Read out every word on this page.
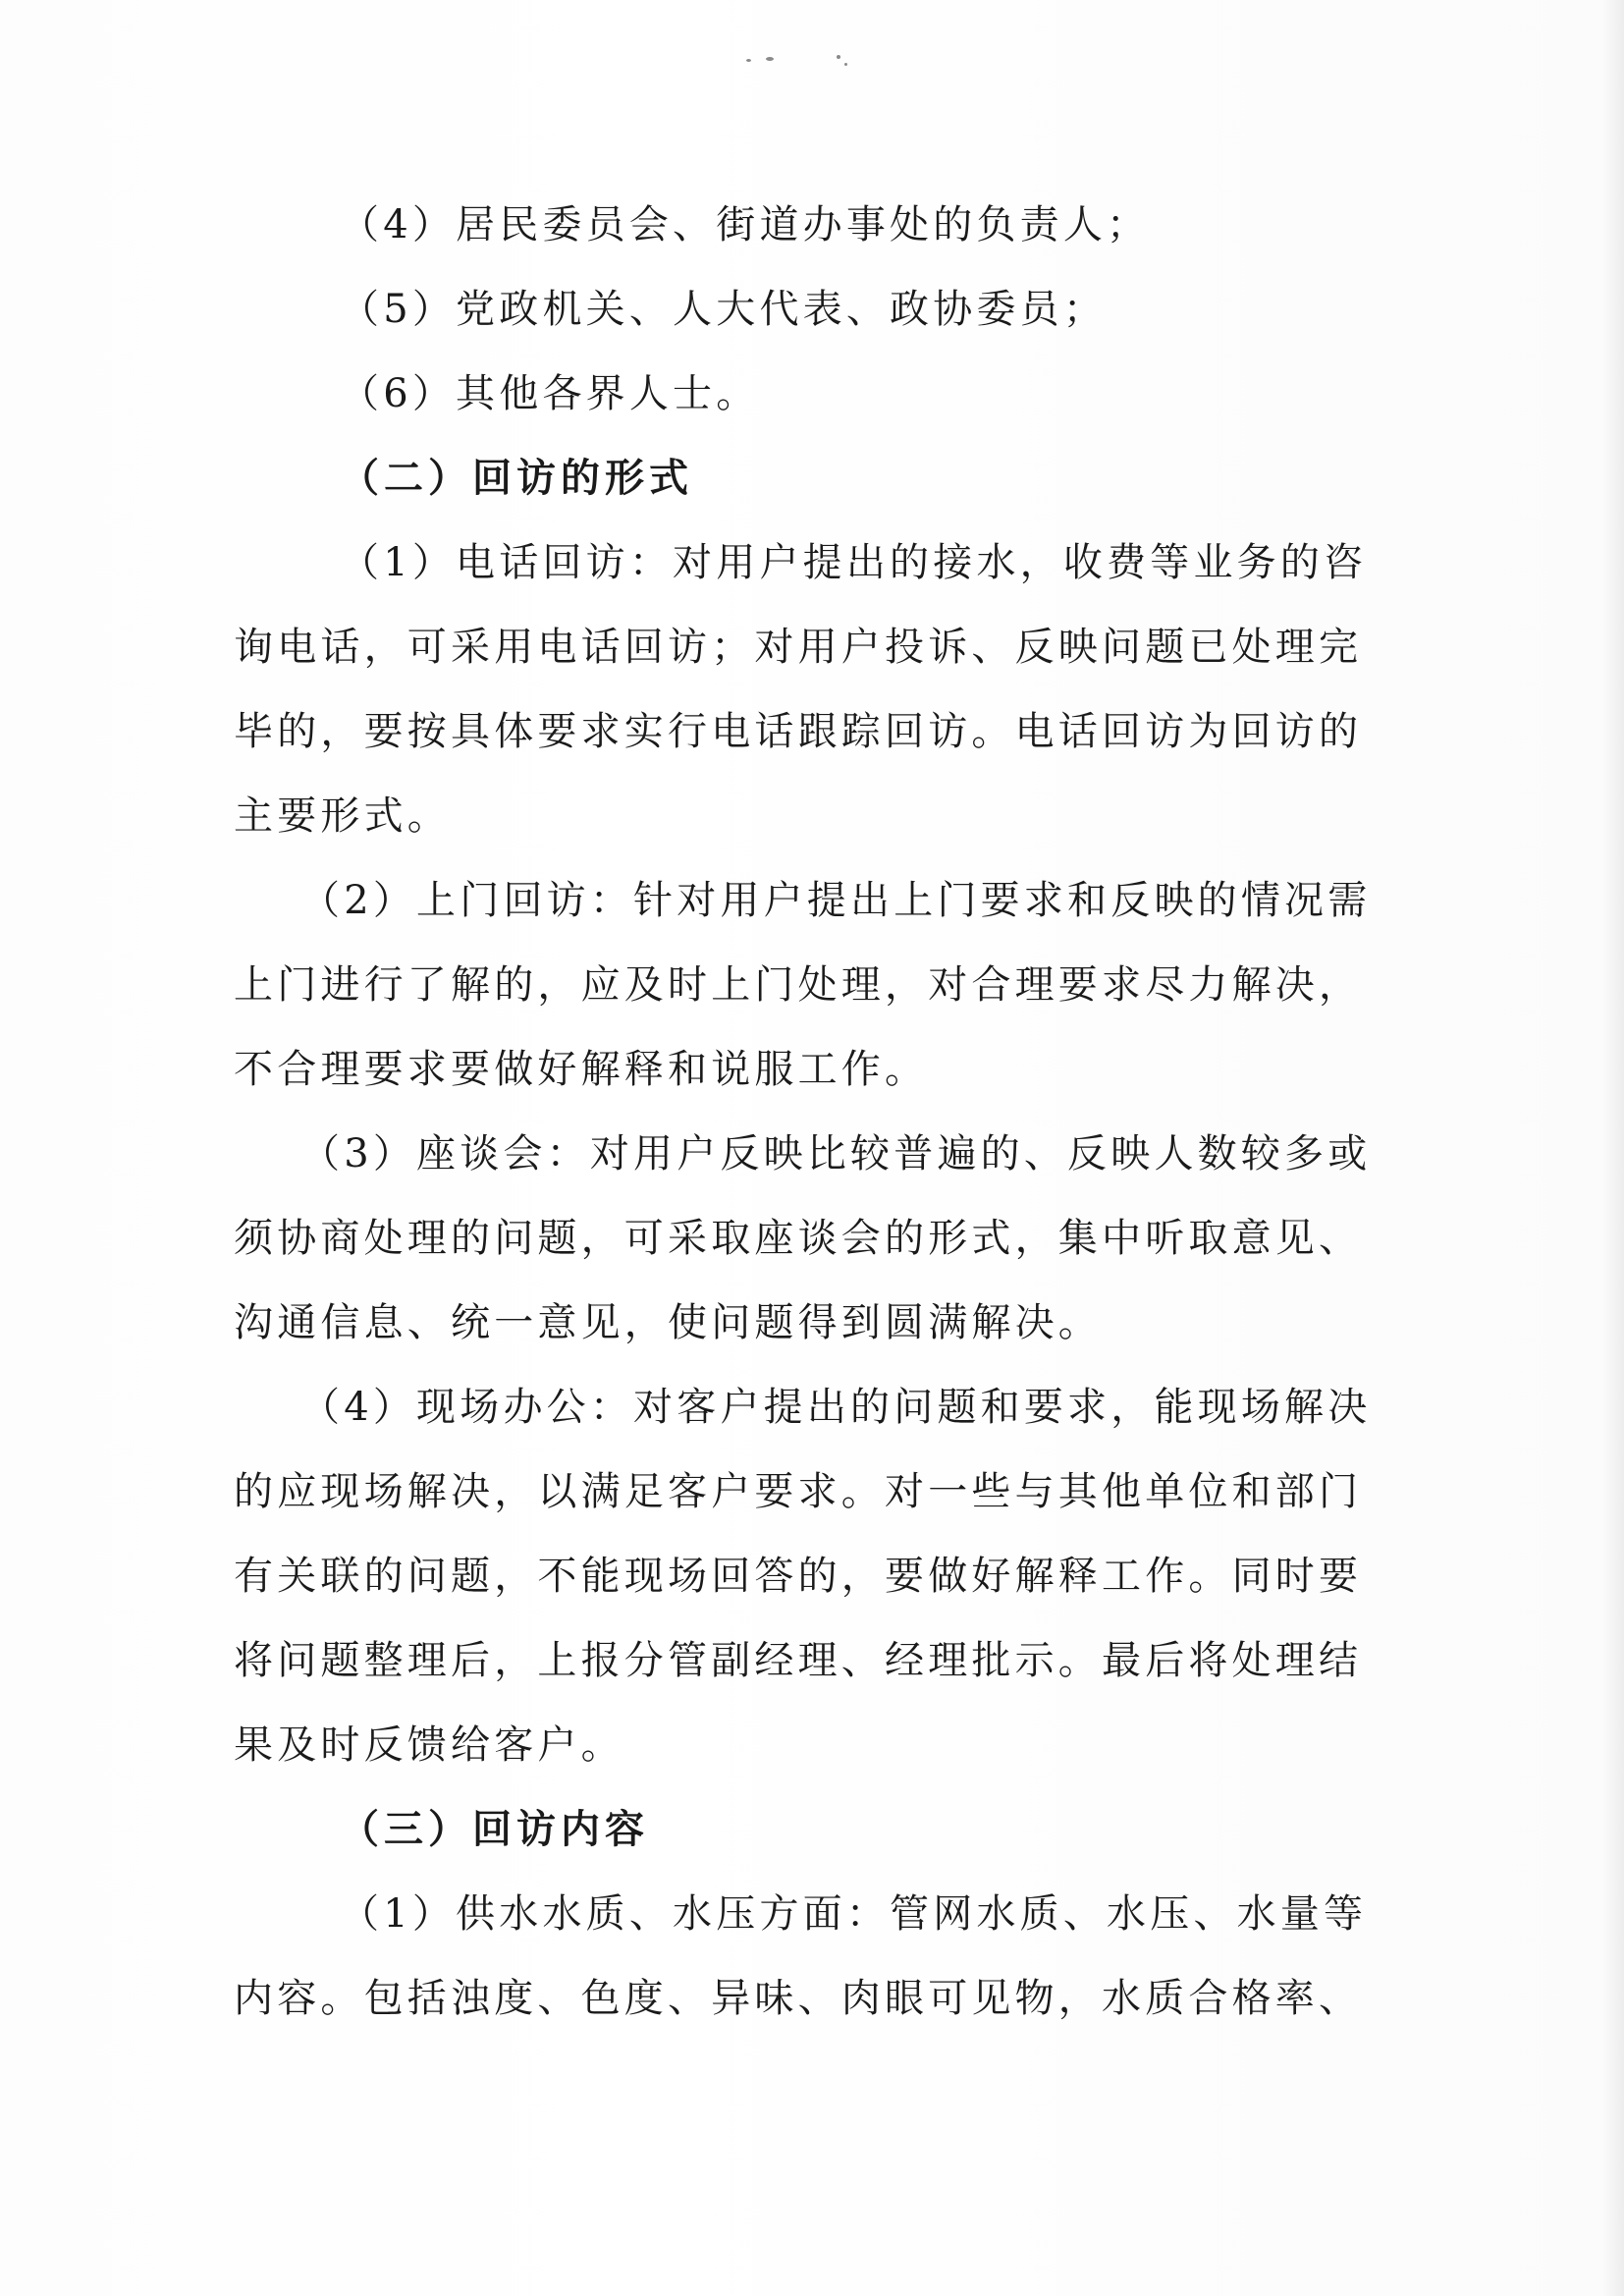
（4）居民委员会、街道办事处的负责人；
（5）党政机关、人大代表、政协委员；
（6）其他各界人士。
（二）回访的形式
（1）电话回访：对用户提出的接水，收费等业务的咨
询电话，可采用电话回访；对用户投诉、反映问题已处理完
毕的，要按具体要求实行电话跟踪回访。电话回访为回访的
主要形式。
（2）上门回访：针对用户提出上门要求和反映的情况需
上门进行了解的，应及时上门处理，对合理要求尽力解决，
不合理要求要做好解释和说服工作。
（3）座谈会：对用户反映比较普遍的、反映人数较多或
须协商处理的问题，可采取座谈会的形式，集中听取意见、
沟通信息、统一意见，使问题得到圆满解决。
（4）现场办公：对客户提出的问题和要求，能现场解决
的应现场解决，以满足客户要求。对一些与其他单位和部门
有关联的问题，不能现场回答的，要做好解释工作。同时要
将问题整理后，上报分管副经理、经理批示。最后将处理结
果及时反馈给客户。
（三）回访内容
（1）供水水质、水压方面：管网水质、水压、水量等
内容。包括浊度、色度、异味、肉眼可见物，水质合格率、
